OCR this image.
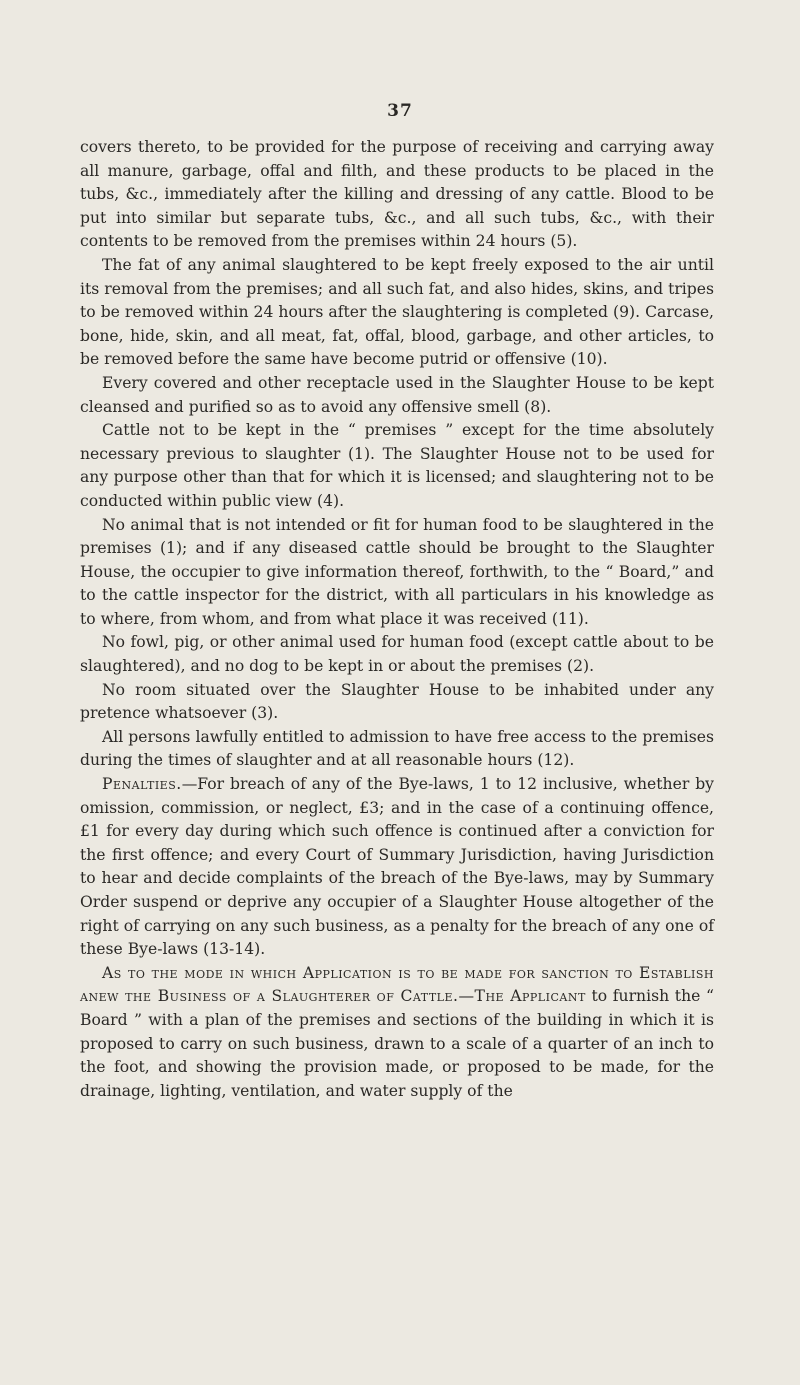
37

covers thereto, to be provided for the purpose of receiving and carrying away all manure, garbage, offal and filth, and these products to be placed in the tubs, &c., immediately after the killing and dressing of any cattle. Blood to be put into similar but separate tubs, &c., and all such tubs, &c., with their contents to be removed from the premises within 24 hours (5).

The fat of any animal slaughtered to be kept freely exposed to the air until its removal from the premises; and all such fat, and also hides, skins, and tripes to be removed within 24 hours after the slaughtering is completed (9). Carcase, bone, hide, skin, and all meat, fat, offal, blood, garbage, and other articles, to be removed before the same have become putrid or offensive (10).

Every covered and other receptacle used in the Slaughter House to be kept cleansed and purified so as to avoid any offensive smell (8).

Cattle not to be kept in the “ premises ” except for the time absolutely necessary previous to slaughter (1). The Slaughter House not to be used for any purpose other than that for which it is licensed; and slaughtering not to be conducted within public view (4).

No animal that is not intended or fit for human food to be slaughtered in the premises (1); and if any diseased cattle should be brought to the Slaughter House, the occupier to give information thereof, forthwith, to the “ Board,” and to the cattle inspector for the district, with all particulars in his knowledge as to where, from whom, and from what place it was received (11).

No fowl, pig, or other animal used for human food (except cattle about to be slaughtered), and no dog to be kept in or about the premises (2).

No room situated over the Slaughter House to be inhabited under any pretence whatsoever (3).

All persons lawfully entitled to admission to have free access to the premises during the times of slaughter and at all reasonable hours (12).

Penalties.—For breach of any of the Bye-laws, 1 to 12 inclusive, whether by omission, commission, or neglect, £3; and in the case of a continuing offence, £1 for every day during which such offence is continued after a conviction for the first offence; and every Court of Summary Jurisdiction, having Jurisdiction to hear and decide complaints of the breach of the Bye-laws, may by Summary Order suspend or deprive any occupier of a Slaughter House altogether of the right of carrying on any such business, as a penalty for the breach of any one of these Bye-laws (13-14).

As to the mode in which Application is to be made for sanction to Establish anew the Business of a Slaughterer of Cattle.—The Applicant to furnish the “ Board ” with a plan of the premises and sections of the building in which it is proposed to carry on such business, drawn to a scale of a quarter of an inch to the foot, and showing the provision made, or proposed to be made, for the drainage, lighting, ventilation, and water supply of the
